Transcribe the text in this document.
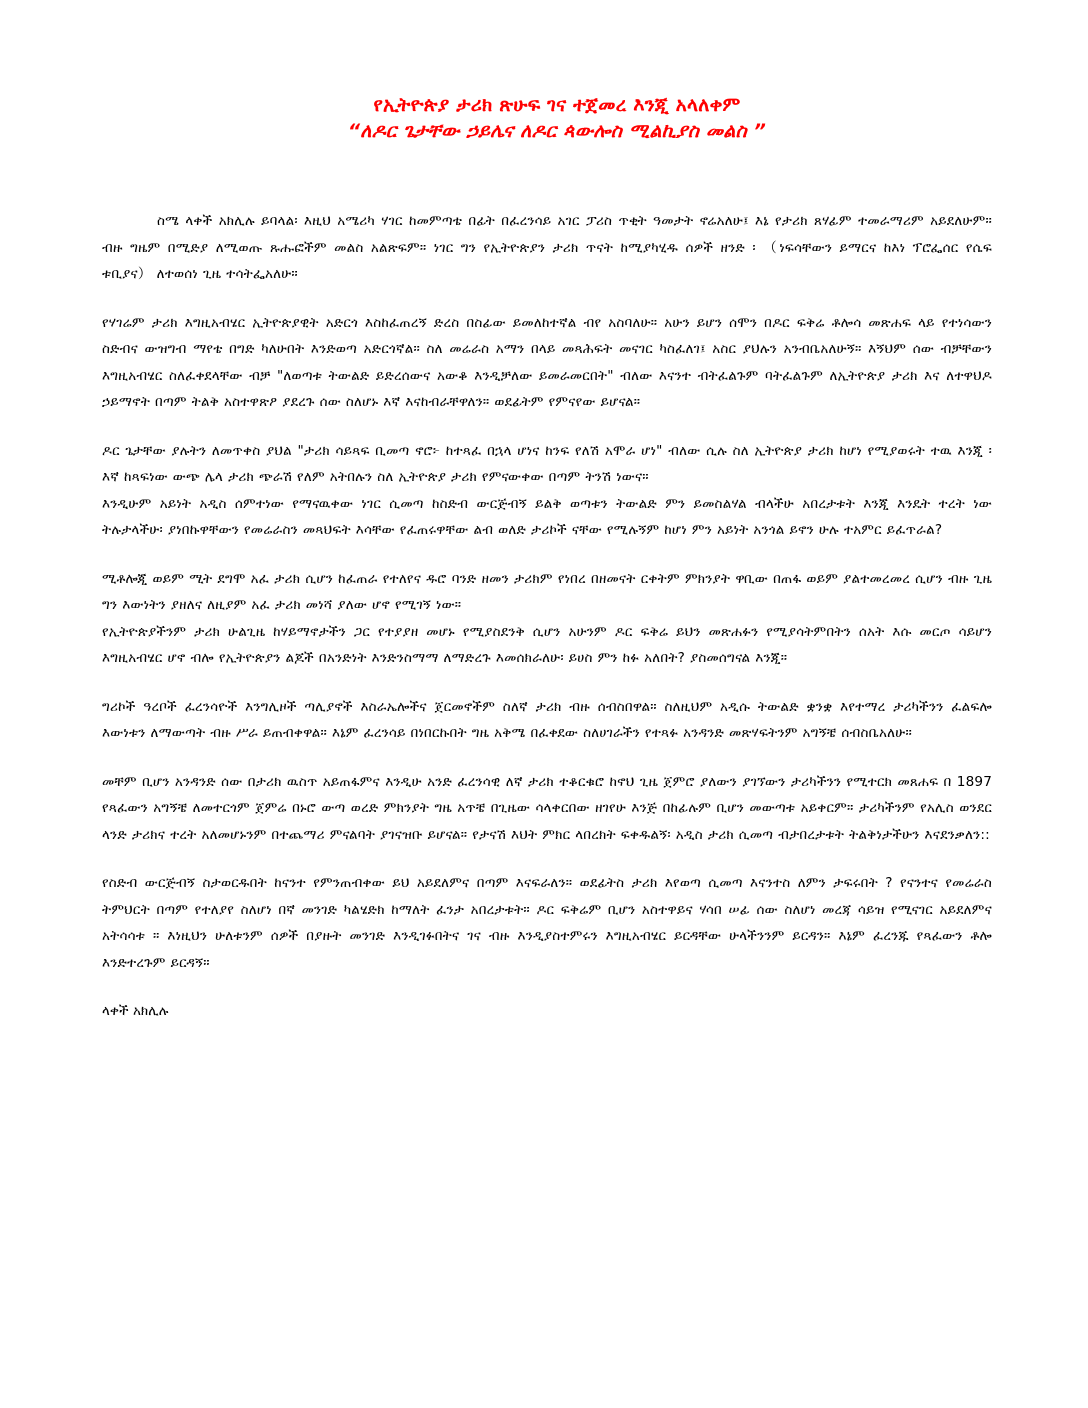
የኢትዮጵያ ታሪክ ጽሁፍ ገና ተጀመረ እንጂ አላለቀም
“ለዶር ጌታቸው ኃይሌና ለዶር ጳውሎስ ሚልኪያስ መልስ ”

ስሜ ላቀች አክሊሉ ይባላል፡ እዚህ አሜሪካ ሃገር ከመምጣቴ በፊት በፈረንሳይ አገር ፓሪስ ጥቂት ዓመታት ኖሬአለሁ፤ እኔ የታሪክ ጸሃፊም ተመራማሪም አይደለሁም። ብዙ ግዜም በሚድያ ለሚወጡ ጹሑፎችም መልስ አልጽፍም። ነገር ግን የኢትዮጵያን ታሪክ ጥናት ከሚያካሂዱ ሰዎች ዘንድ ፡ （ነፍሳቸውን ይማርና ከእነ ፕሮፌሰር የሴፍ ቱቢያና） ለተወሰነ ጊዜ ተሳትፌአለሁ።

የሃገሬም ታሪክ እግዚአብሄር ኢትዮጵያዊት አድርጎ እስከፈጠረኝ ድረስ በስፊው ይመለከተኛል ብየ አስባለሁ። አሁን ይሆን ሰሞን በዶር ፍቅሬ ቶሎሳ መጽሐፍ ላይ የተነሳውን ስድብና ውዝግብ ማየቴ በግድ ካለሁበት እንድወጣ አድርጎኛል። ስለ መሬራስ አማን በላይ መጻሕፍት መናገር ካስፈለገ፤ አስር ያህሉን አንብቤአለሁኝ። እኝህም ሰው ብቻቸውን እግዚአብሄር ስለፈቀደላቸው ብቻ "ለወጣቱ ትውልድ ይድረሰውና አውቆ እንዲቻለው ይመራመርበት" ብለው እናንተ ብትፈልጉም ባትፈልጉም ለኢትዮጵያ ታሪክ እና ለተዋህዶ ኃይማኖት በጣም ትልቅ አስተዋጽዖ ያደረጉ ሰው ስለሆኑ እኛ እናከብራቸዋለን። ወደፊትም የምናየው ይሆናል።

ዶር ጌታቸው ያሉትን ለመጥቀስ ያህል "ታሪክ ሳይጻፍ ቢመጣ ኖሮ፦ ከተጻፈ በኋላ ሆነና ከንፍ የለሽ አሞራ ሆነ" ብለው ሲሉ ስለ ኢትዮጵያ ታሪክ ከሆነ የሚያወሩት ተዉ እንጂ ፡ እኛ ከጻፍነው ውጭ ሌላ ታሪክ ጭራሽ የለም አትበሉን ስለ ኢትዮጵያ ታሪክ የምናውቀው በጣም ትንሽ ነውና።

እንዲሁም አይነት አዲስ ሰምተነው የማናዉቀው ነገር ሲመጣ ከስድብ ውርጅብኝ ይልቅ ወጣቱን ትውልድ ምን ይመስልሃል ብላችሁ አበረታቱት እንጂ እንዴት ተረት ነው ትሉታላችሁ፡ ያነበኩዋቸውን የመሬራስን መጻህፍት እሳቸው የፈጠሩዋቸው ልብ ወለድ ታሪኮች ናቸው የሚሉኝም ከሆነ ምን አይነት አንጎል ይኖን ሁሉ ተአምር ይፈጥራል?

ሚቶሎጂ ወይም ሚት ደግሞ አፈ ታሪክ ሲሆን ከፈጠራ የተለየና ዱሮ ባንድ ዘመን ታሪክም የነበረ በዘመናት ርቀትም ምክንያት ዋቢው በጠፋ ወይም ያልተመረመረ ሲሆን ብዙ ጊዜ ግን እውነትን ያዘለና ለዚያም አፈ ታሪክ መነሻ ያለው ሆኖ የሚገኝ ነው።

የኢትዮጵያችንም ታሪክ ሁልጊዜ ከሃይማኖታችን ጋር የተያያዘ መሆኑ የሚያስደንቅ ሲሆን አሁንም ዶር ፍቅሬ ይህን መጽሐፉን የሚያሳትምበትን ሰአት እሱ መርጦ ሳይሆን እግዚአብሄር ሆኖ ብሎ የኢትዮጵያን ልጆች በአንድነት እንድንስማማ ለማድረጉ እመሰክራለሁ፡ ይሀስ ምን ከፉ አለበት? ያስመሰግናል እንጂ።

ግሪኮች ዓረቦች ፈረንሳዮች እንግሊዞች ጣሊያኖች እስራኤሎችና ጀርመኖችም ስለኛ ታሪክ ብዙ ሰብስበዋል። ስለዚህም አዲሱ ትውልድ ቋንቋ እየተማረ ታሪካችንን ፈልፍሎ እውነቱን ለማውጣት ብዙ ሥራ ይጠብቀዋል። እኔም ፈረንሳይ በነበርኩበት ግዜ አቅሜ በፈቀደው ስለሀገራችን የተጻፉ አንዳንድ መጽሃፍትንም አግኝቼ ሰብስቤአለሁ።

መቸም ቢሆን አንዳንድ ሰው በታሪክ ዉስጥ አይጠፋምና እንዲሁ አንድ ፈረንሳዊ ለኛ ታሪክ ተቆርቁሮ ከኖህ ጊዜ ጀምሮ ያለውን ያገኘውን ታሪካችንን የሚተርክ መጸሐፍ በ 1897 የጻፈውን አግኝቼ ለመተርጎም ጀምሬ በኑሮ ውጣ ወረድ ምክንያት ግዜ አጥቼ በጊዜው ሳላቀርበው ዘገየሁ እንጅ በከፊሉም ቢሆን መውጣቱ አይቀርም። ታሪካችንም የአሊስ ወንደር ላንድ ታሪክና ተረት አለመሆኑንም በተጨማሪ ምናልባት ያገናዝቡ ይሆናል። የታናሽ እህት ምክር ላበረክት ፍቀዱልኝ፡ አዲስ ታሪክ ሲመጣ ብታበረታቱት ትልቅነታችሁን እናደንቃለን::

የስድብ ውርጅብኝ ስታወርዱበት ከናንተ የምንጠብቀው ይህ አይደለምና በጣም እናፍራለን። ወደፊትስ ታሪክ እየወጣ ሲመጣ እናንተስ ለምን ታፍሩበት ? የናንተና የመሬራስ ትምህርት በጣም የተለያየ ስለሆነ በኛ መንገድ ካልሄድክ ከማለት ፈንታ አበረታቱት። ዶር ፍቅሬም ቢሆን አስተዋይና ሃሳበ ሠፊ ሰው ስለሆነ መረጃ ሳይዝ የሚናገር አይደለምና አትሳሳቱ ። እነዚህን ሁለቱንም ሰዎች በያዙት መንገድ እንዲገፉበትና ገና ብዙ እንዲያስተምሩን እግዚአብሄር ይርዳቸው ሁላችንንም ይርዳን። እኔም ፈረንጁ የጻፈውን ቶሎ እንድተረጉም ይርዳኝ።

ላቀች አክሊሉ
